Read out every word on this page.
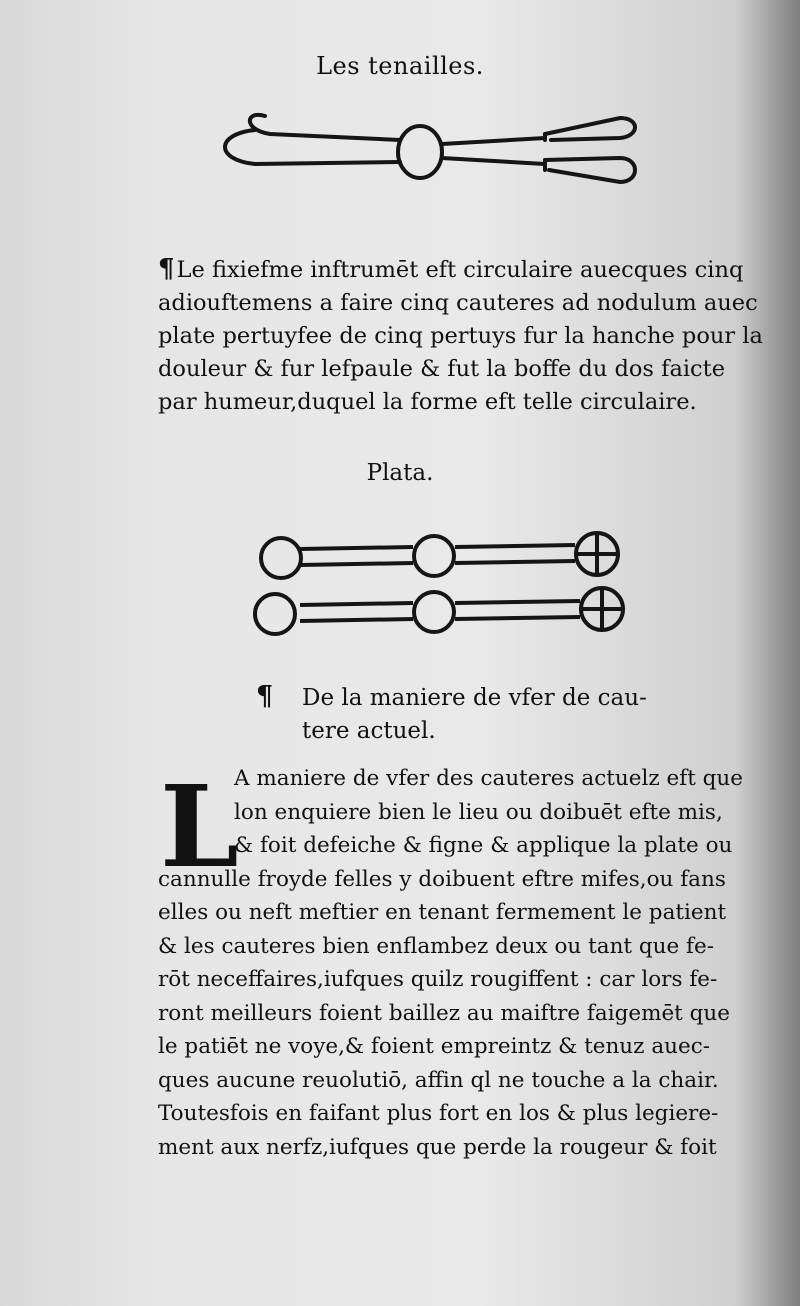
Les tenailles.
¶Le fixiefme inftrumēt eft circulaire auecques cinq
adiouftemens a faire cinq cauteres ad nodulum auec
plate pertuyfee de cinq pertuys fur la hanche pour la
douleur & fur lefpaule & fut la boffe du dos faicte
par humeur,duquel la forme eft telle circulaire.
Plata.
¶	De la maniere de vfer de cau-
tere actuel.
L
A maniere de vfer des cauteres actuelz eft que
lon enquiere bien le lieu ou doibuēt efte mis,
& foit defeiche & figne & applique la plate ou
cannulle froyde felles y doibuent eftre mifes,ou fans
elles ou neft meftier en tenant fermement le patient
& les cauteres bien enflambez deux ou tant que fe-
rōt neceffaires,iufques quilz rougiffent : car lors fe-
ront meilleurs foient baillez au maiftre faigemēt que
le patiēt ne voye,& foient empreintz & tenuz auec-
ques aucune reuolutiō, affin ql ne touche a la chair.
Toutesfois en faifant plus fort en los & plus legiere-
ment aux nerfz,iufques que perde la rougeur & foit
